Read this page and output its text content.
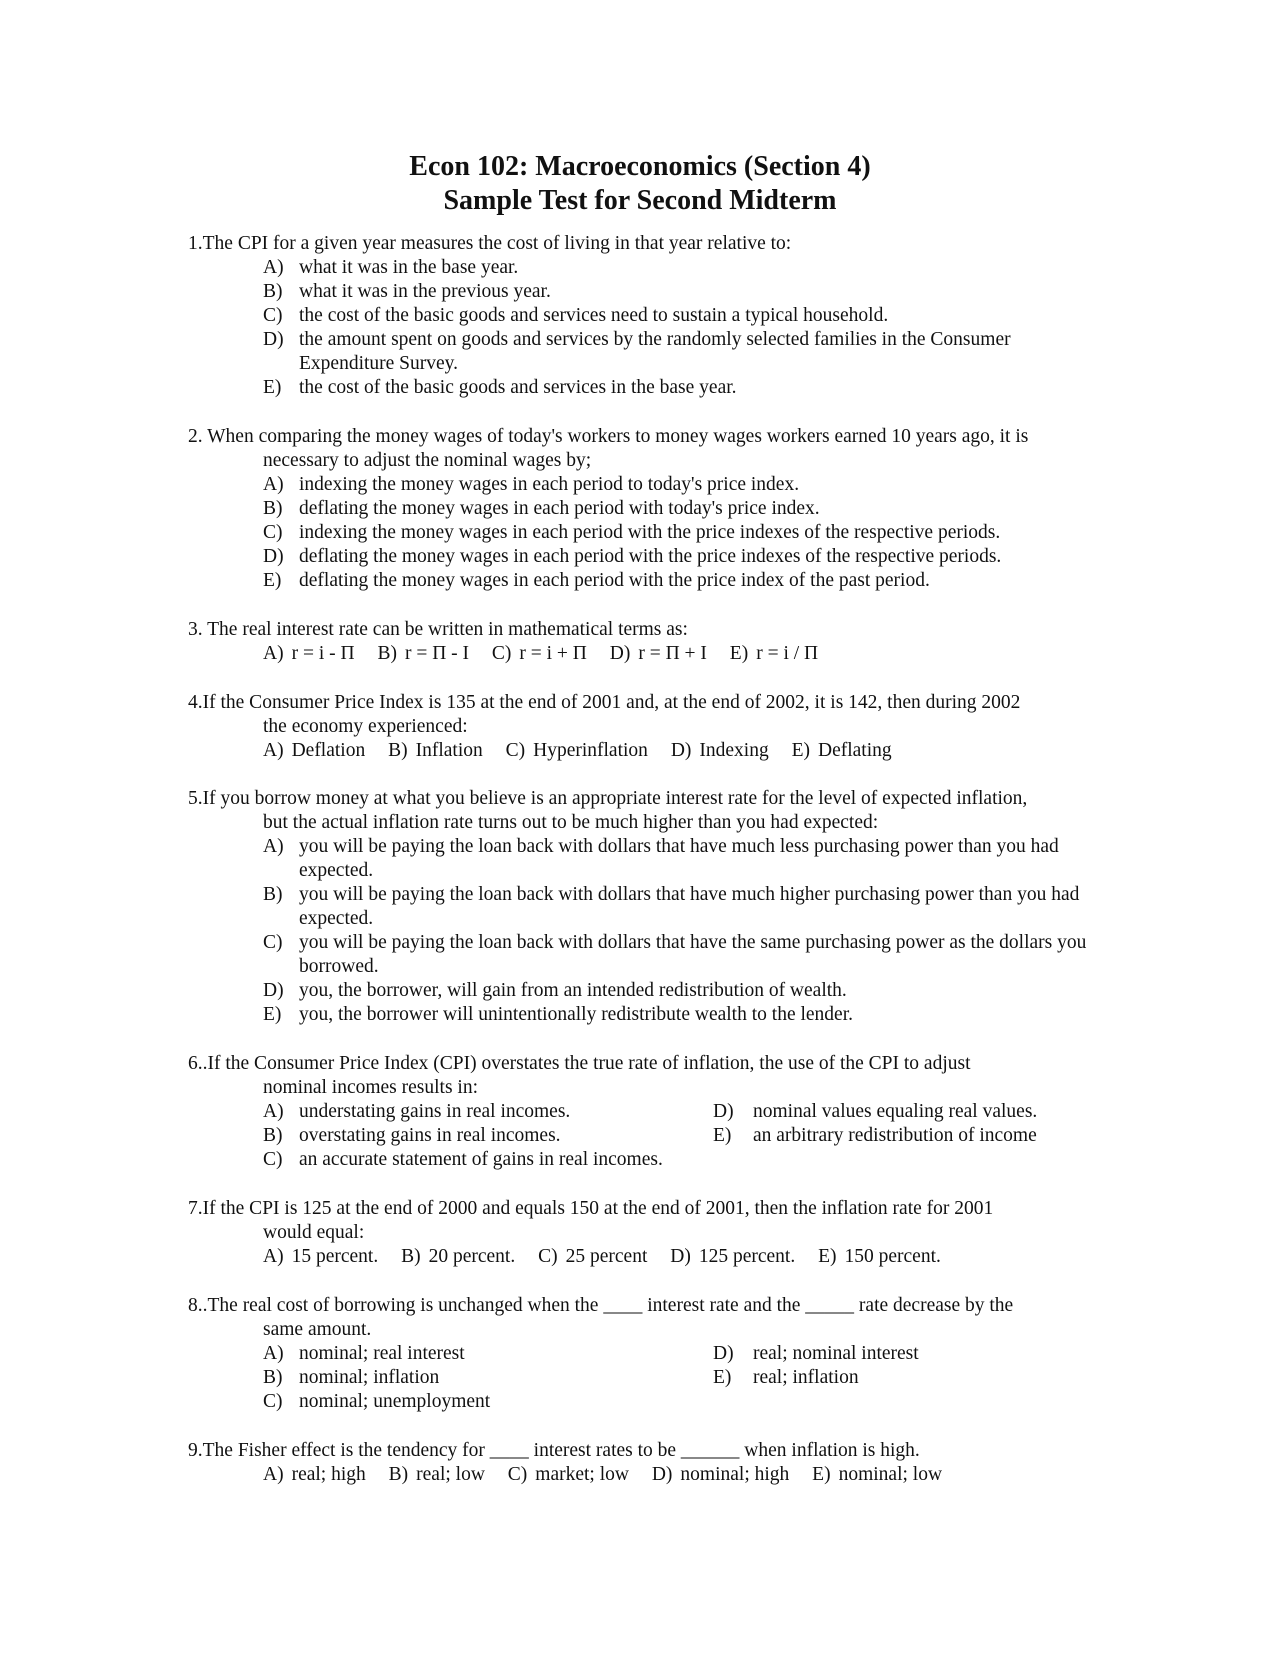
Econ 102: Macroeconomics (Section 4)
Sample Test for Second Midterm
1.The CPI for a given year measures the cost of living in that year relative to:
A) what it was in the base year.
B) what it was in the previous year.
C) the cost of the basic goods and services need to sustain a typical household.
D) the amount spent on goods and services by the randomly selected families in the Consumer Expenditure Survey.
E) the cost of the basic goods and services in the base year.
2. When comparing the money wages of today's workers to money wages workers earned 10 years ago, it is
necessary to adjust the nominal wages by;
A) indexing the money wages in each period to today's price index.
B) deflating the money wages in each period with today's price index.
C) indexing the money wages in each period with the price indexes of the respective periods.
D) deflating the money wages in each period with the price indexes of the respective periods.
E) deflating the money wages in each period with the price index of the past period.
3. The real interest rate can be written in mathematical terms as:
A) r = i - Π B) r = Π - I C) r = i + Π D) r = Π + I E) r = i / Π
4.If the Consumer Price Index is 135 at the end of 2001 and, at the end of 2002, it is 142, then during 2002
the economy experienced:
A) Deflation B) Inflation C) Hyperinflation D) Indexing E) Deflating
5.If you borrow money at what you believe is an appropriate interest rate for the level of expected inflation,
but the actual inflation rate turns out to be much higher than you had expected:
A) you will be paying the loan back with dollars that have much less purchasing power than you had expected.
B) you will be paying the loan back with dollars that have much higher purchasing power than you had expected.
C) you will be paying the loan back with dollars that have the same purchasing power as the dollars you borrowed.
D) you, the borrower, will gain from an intended redistribution of wealth.
E) you, the borrower will unintentionally redistribute wealth to the lender.
6..If the Consumer Price Index (CPI) overstates the true rate of inflation, the use of the CPI to adjust
nominal incomes results in:
A) understating gains in real incomes.
B) overstating gains in real incomes.
C) an accurate statement of gains in real incomes.
D) nominal values equaling real values.
E)	an arbitrary redistribution of income
7.If the CPI is 125 at the end of 2000 and equals 150 at the end of 2001, then the inflation rate for 2001
would equal:
A) 15 percent. B) 20 percent. C) 25 percent D) 125 percent. E) 150 percent.
8..The real cost of borrowing is unchanged when the ____ interest rate and the _____ rate decrease by the
same amount.
A) nominal; real interest
B) nominal; inflation
C) nominal; unemployment
D) real; nominal interest
E)	real; inflation
9.The Fisher effect is the tendency for ____ interest rates to be ______ when inflation is high.
A) real; high B) real; low C) market; low D) nominal; high E) nominal; low
